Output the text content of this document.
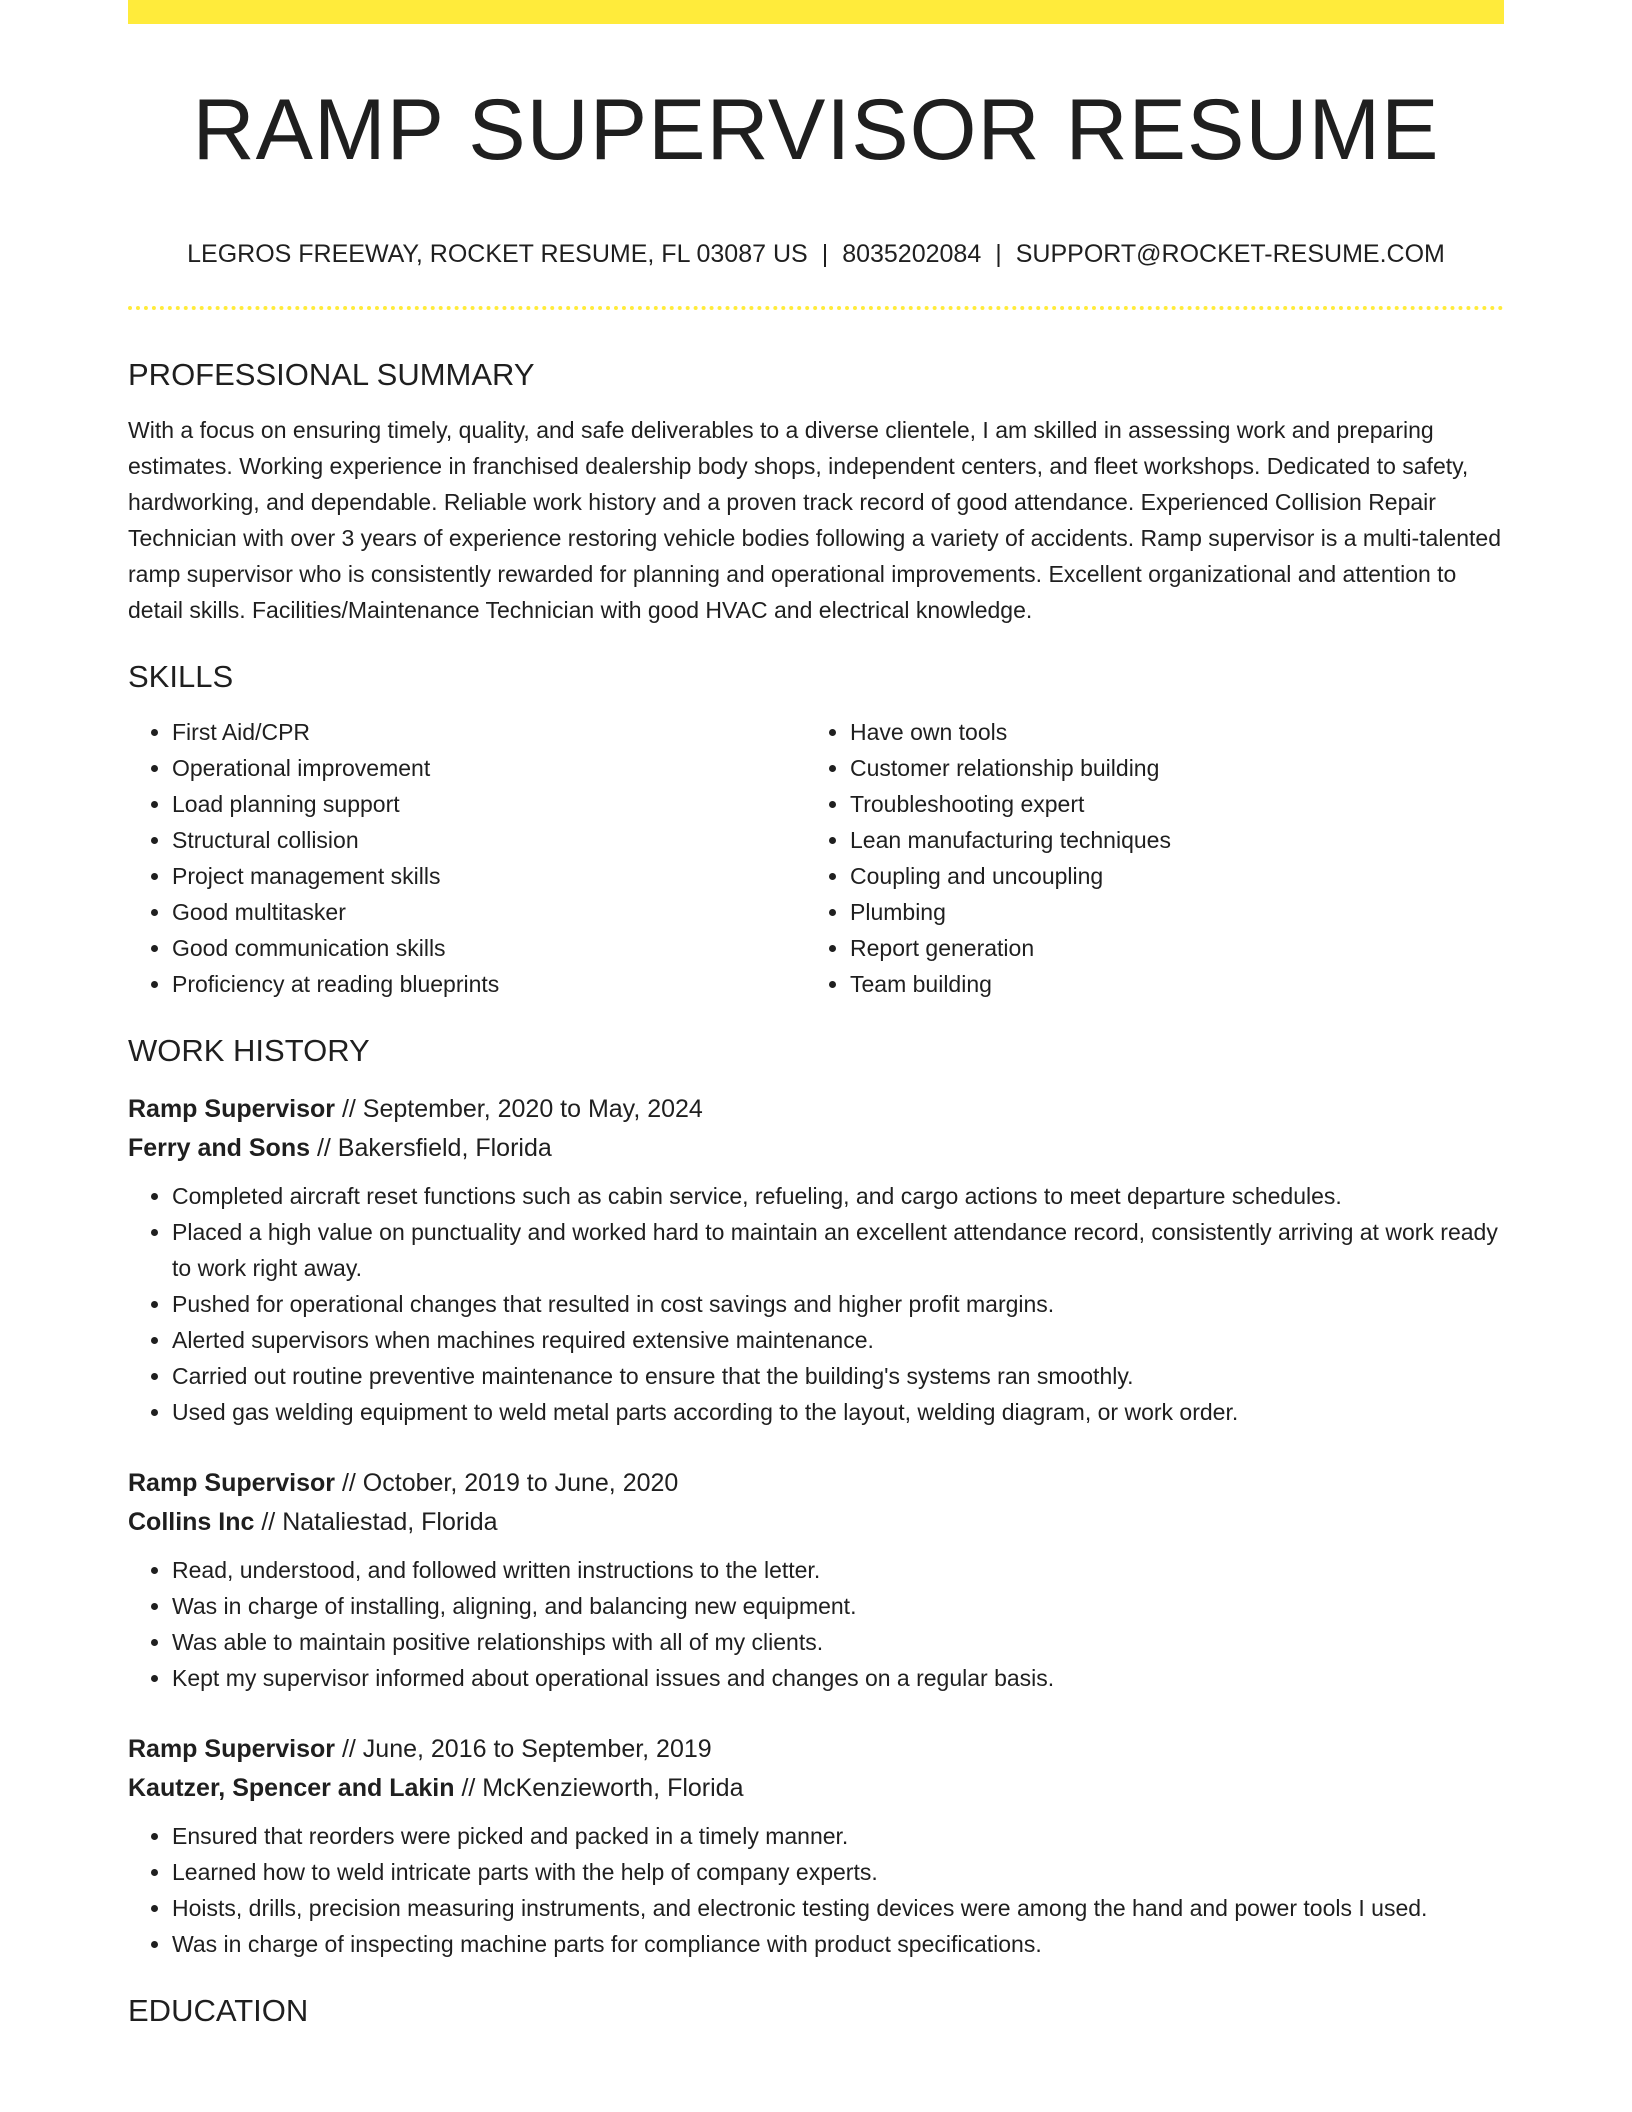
RAMP SUPERVISOR RESUME
LEGROS FREEWAY, ROCKET RESUME, FL 03087 US | 8035202084 | SUPPORT@ROCKET-RESUME.COM
PROFESSIONAL SUMMARY

With a focus on ensuring timely, quality, and safe deliverables to a diverse clientele, I am skilled in assessing work and preparing estimates. Working experience in franchised dealership body shops, independent centers, and fleet workshops. Dedicated to safety, hardworking, and dependable. Reliable work history and a proven track record of good attendance. Experienced Collision Repair Technician with over 3 years of experience restoring vehicle bodies following a variety of accidents. Ramp supervisor is a multi-talented ramp supervisor who is consistently rewarded for planning and operational improvements. Excellent organizational and attention to detail skills. Facilities/Maintenance Technician with good HVAC and electrical knowledge.

SKILLS
• First Aid/CPR
• Operational improvement
• Load planning support
• Structural collision
• Project management skills
• Good multitasker
• Good communication skills
• Proficiency at reading blueprints
• Have own tools
• Customer relationship building
• Troubleshooting expert
• Lean manufacturing techniques
• Coupling and uncoupling
• Plumbing
• Report generation
• Team building
WORK HISTORY
Ramp Supervisor // September, 2020 to May, 2024
Ferry and Sons // Bakersfield, Florida
• Completed aircraft reset functions such as cabin service, refueling, and cargo actions to meet departure schedules.
• Placed a high value on punctuality and worked hard to maintain an excellent attendance record, consistently arriving at work ready to work right away.
• Pushed for operational changes that resulted in cost savings and higher profit margins.
• Alerted supervisors when machines required extensive maintenance.
• Carried out routine preventive maintenance to ensure that the building's systems ran smoothly.
• Used gas welding equipment to weld metal parts according to the layout, welding diagram, or work order.
Ramp Supervisor // October, 2019 to June, 2020
Collins Inc // Nataliestad, Florida
• Read, understood, and followed written instructions to the letter.
• Was in charge of installing, aligning, and balancing new equipment.
• Was able to maintain positive relationships with all of my clients.
• Kept my supervisor informed about operational issues and changes on a regular basis.
Ramp Supervisor // June, 2016 to September, 2019
Kautzer, Spencer and Lakin // McKenzieworth, Florida
• Ensured that reorders were picked and packed in a timely manner.
• Learned how to weld intricate parts with the help of company experts.
• Hoists, drills, precision measuring instruments, and electronic testing devices were among the hand and power tools I used.
• Was in charge of inspecting machine parts for compliance with product specifications.
EDUCATION
